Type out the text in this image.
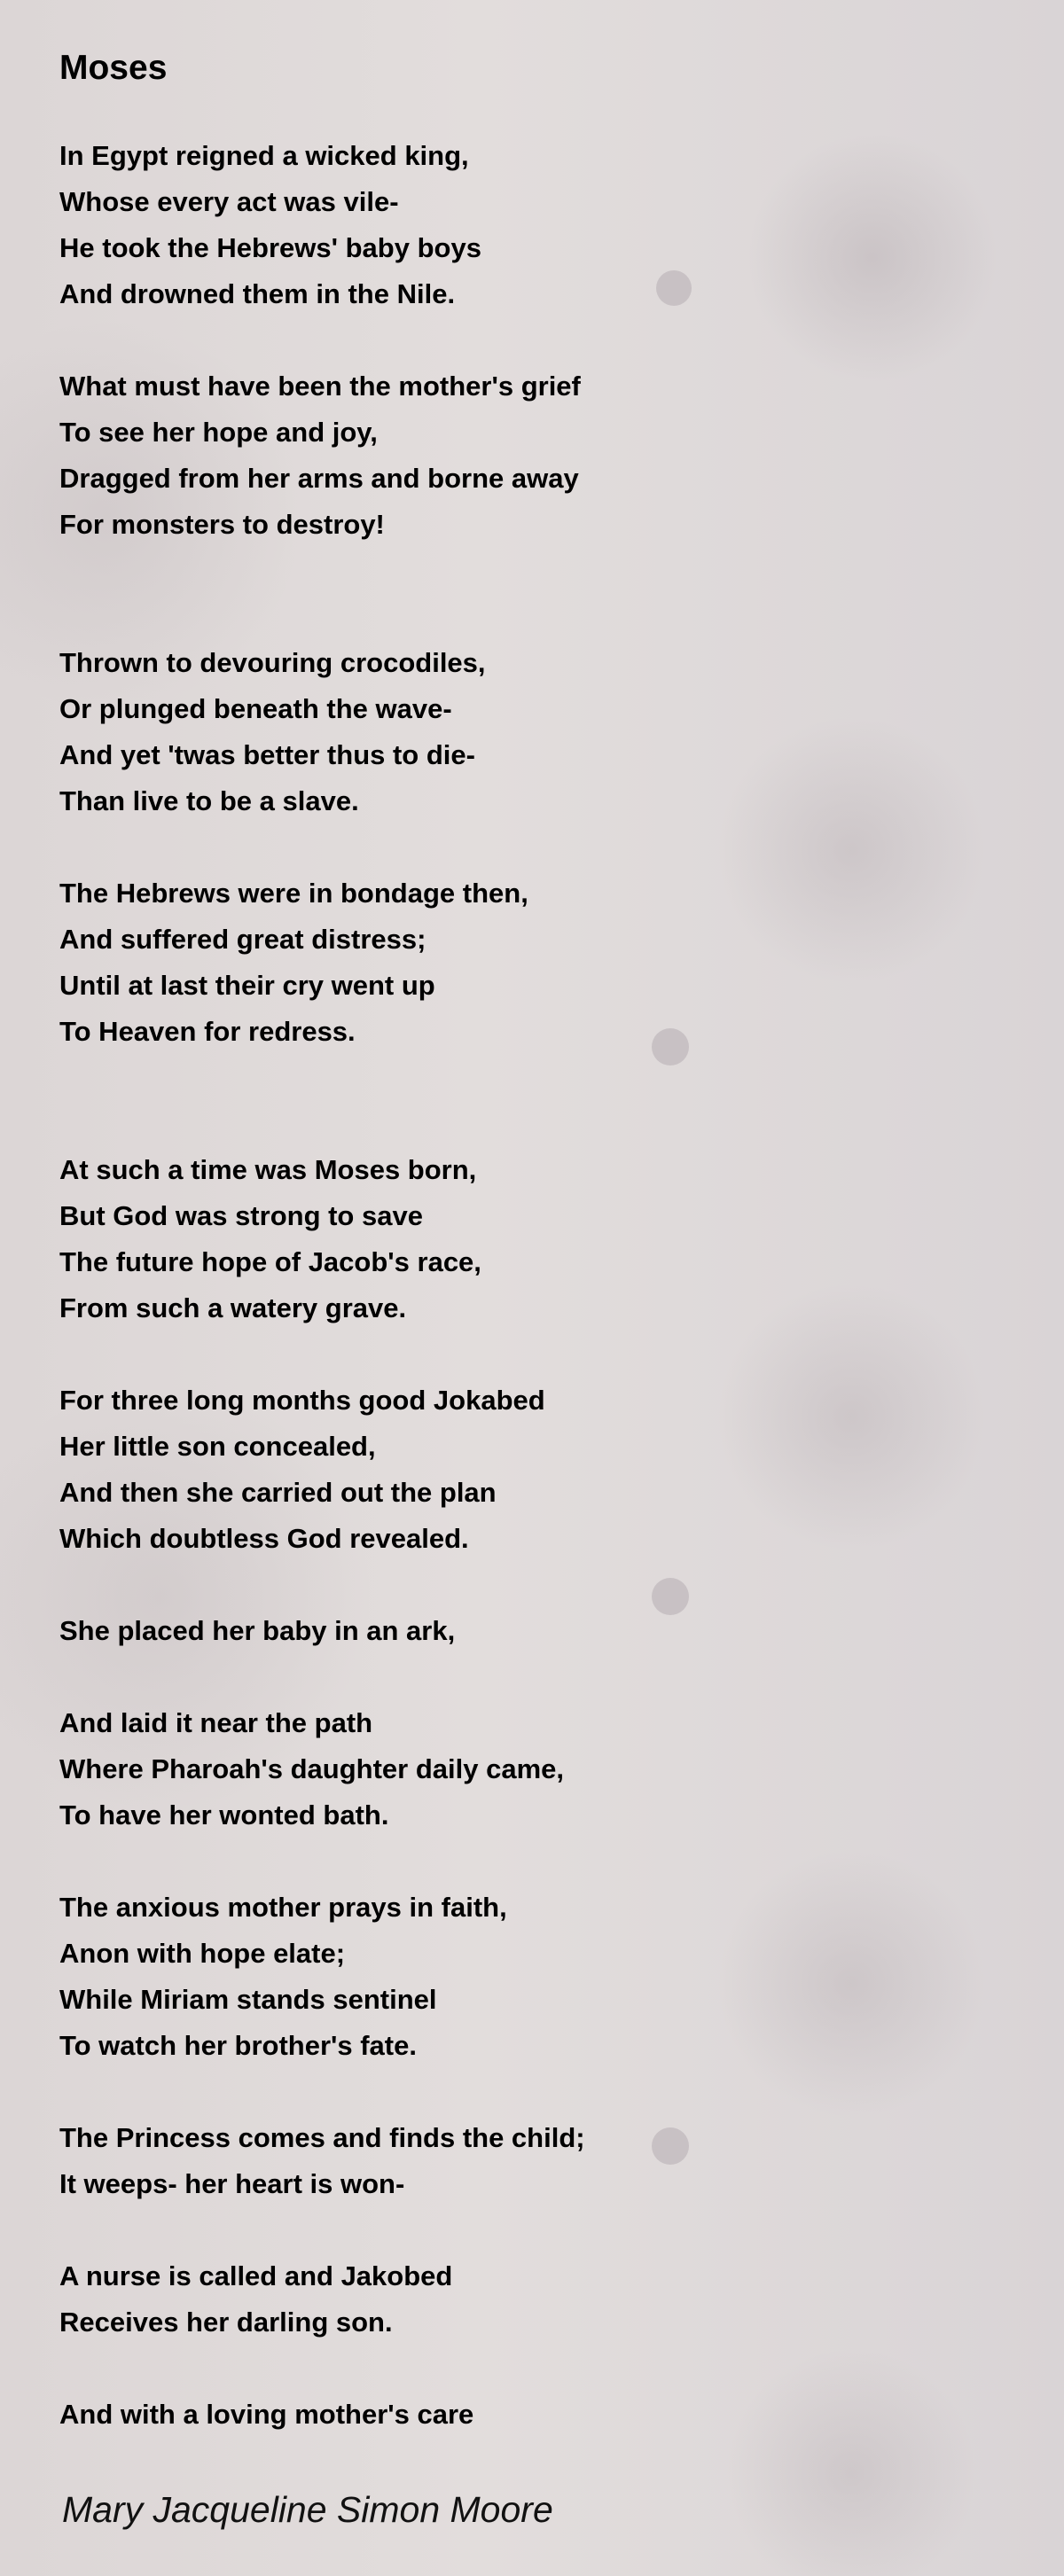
Moses
In Egypt reigned a wicked king,
Whose every act was vile-
He took the Hebrews' baby boys
And drowned them in the Nile.

What must have been the mother's grief
To see her hope and joy,
Dragged from her arms and borne away
For monsters to destroy!

Thrown to devouring crocodiles,
Or plunged beneath the wave-
And yet 'twas better thus to die-
Than live to be a slave.

The Hebrews were in bondage then,
And suffered great distress;
Until at last their cry went up
To Heaven for redress.

At such a time was Moses born,
But God was strong to save
The future hope of Jacob's race,
From such a watery grave.

For three long months good Jokabed
Her little son concealed,
And then she carried out the plan
Which doubtless God revealed.

She placed her baby in an ark,

And laid it near the path
Where Pharoah's daughter daily came,
To have her wonted bath.

The anxious mother prays in faith,
Anon with hope elate;
While Miriam stands sentinel
To watch her brother's fate.

The Princess comes and finds the child;
It weeps- her heart is won-

A nurse is called and Jakobed
Receives her darling son.

And with a loving mother's care
Mary Jacqueline Simon Moore
